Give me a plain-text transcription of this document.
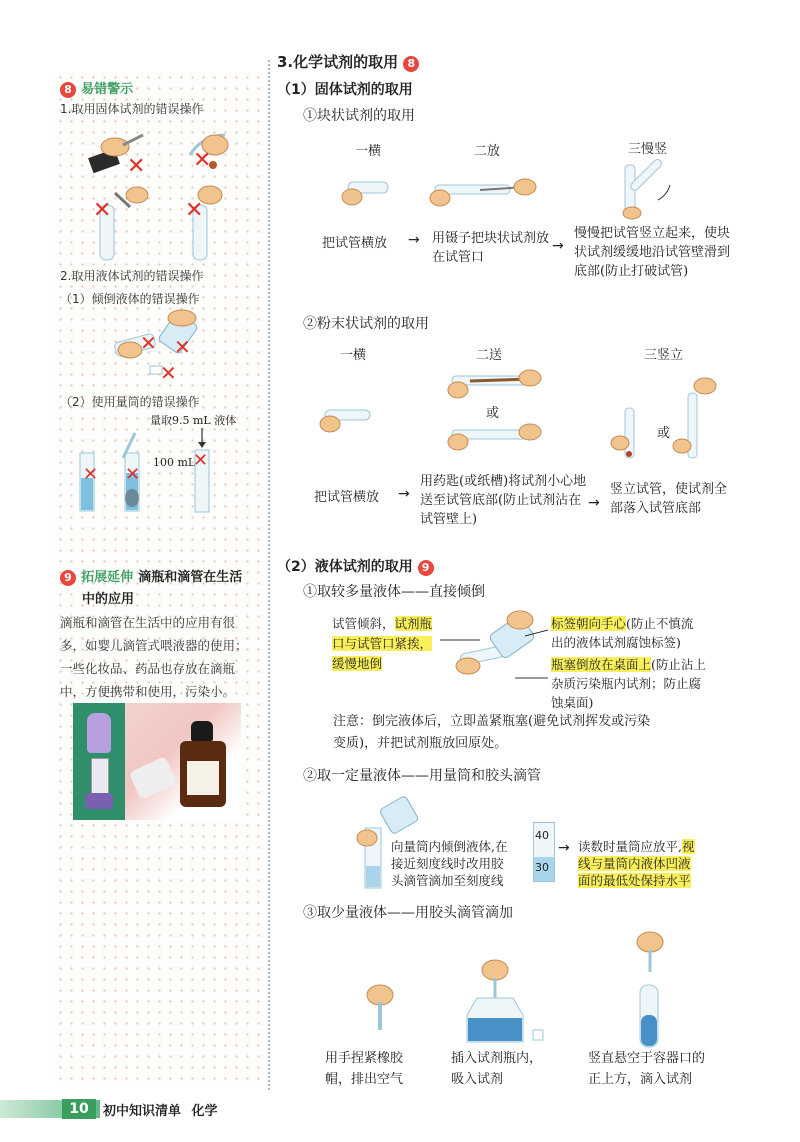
8 易错警示
1.取用固体试剂的错误操作
✕ ✕
✕	✕
2.取用液体试剂的错误操作
（1）倾倒液体的错误操作
✕ ✕
✕
（2）使用量筒的错误操作
量取9.5 mL 液体
100 mL
✕ ✕
✕
9 拓展延伸 滴瓶和滴管在生活
中的应用
滴瓶和滴管在生活中的应用有很
多，如婴儿滴管式喂液器的使用；
一些化妆品、药品也存放在滴瓶
中，方便携带和使用，污染小。
3.化学试剂的取用 8
（1）固体试剂的取用
①块状试剂的取用
一横	二放	三慢竖
把试管横放 → 用镊子把块状试剂放在试管口
→
慢慢把试管竖立起来，使块状试剂缓缓地沿试管壁滑到底部(防止打破试管)
②粉末状试剂的取用
一横	二送	三竖立
或
或
把试管横放 →
用药匙(或纸槽)将试剂小心地送至试管底部(防止试剂沾在试管壁上)
→
竖立试管，使试剂全部落入试管底部
（2）液体试剂的取用 9
①取较多量液体——直接倾倒
试管倾斜，试剂瓶
口与试管口紧挨，
缓慢地倒
标签朝向手心(防止不慎流
出的液体试剂腐蚀标签)
瓶塞倒放在桌面上(防止沾上
杂质污染瓶内试剂；防止腐
蚀桌面)
注意：倒完液体后，立即盖紧瓶塞(避免试剂挥发或污染
变质)，并把试剂瓶放回原处。
②取一定量液体——用量筒和胶头滴管
向量筒内倾倒液体,在
接近刻度线时改用胶
头滴管滴加至刻度线
40
30
→ 读数时量筒应放平,视
线与量筒内液体凹液
面的最低处保持水平
③取少量液体——用胶头滴管滴加
用手捏紧橡胶
帽，排出空气
插入试剂瓶内，
吸入试剂
竖直悬空于容器口的
正上方，滴入试剂
10	初中知识清单 化学
